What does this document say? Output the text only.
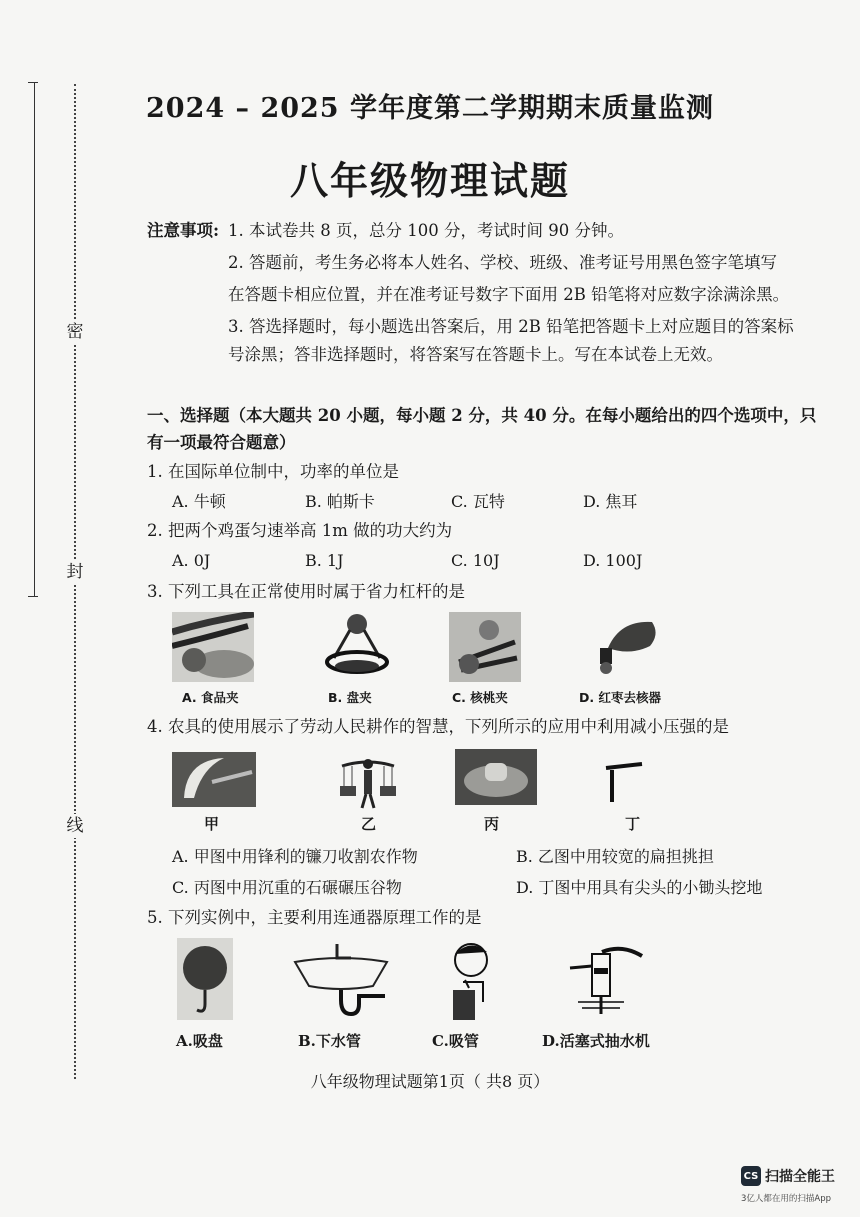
密
封
线
2024 – 2025 学年度第二学期期末质量监测
八年级物理试题
注意事项: 1. 本试卷共 8 页，总分 100 分，考试时间 90 分钟。
2. 答题前，考生务必将本人姓名、学校、班级、准考证号用黑色签字笔填写
在答题卡相应位置，并在准考证号数字下面用 2B 铅笔将对应数字涂满涂黑。
3. 答选择题时，每小题选出答案后，用 2B 铅笔把答题卡上对应题目的答案标
号涂黑；答非选择题时，将答案写在答题卡上。写在本试卷上无效。
一、选择题（本大题共 20 小题，每小题 2 分，共 40 分。在每小题给出的四个选项中，只
有一项最符合题意）
1. 在国际单位制中，功率的单位是
A. 牛顿	B. 帕斯卡	C. 瓦特	D. 焦耳
2. 把两个鸡蛋匀速举高 1m 做的功大约为
A. 0J	B. 1J	C. 10J	D. 100J
3. 下列工具在正常使用时属于省力杠杆的是
A. 食品夹	B. 盘夹	C. 核桃夹	D. 红枣去核器
4. 农具的使用展示了劳动人民耕作的智慧，下列所示的应用中利用减小压强的是
甲	乙	丙	丁
A. 甲图中用锋利的镰刀收割农作物	B. 乙图中用较宽的扁担挑担
C. 丙图中用沉重的石碾碾压谷物	D. 丁图中用具有尖头的小锄头挖地
5. 下列实例中，主要利用连通器原理工作的是
A.吸盘	B.下水管	C.吸管	D.活塞式抽水机
八年级物理试题第1页（ 共8 页）
CS 扫描全能王
3亿人都在用的扫描App
